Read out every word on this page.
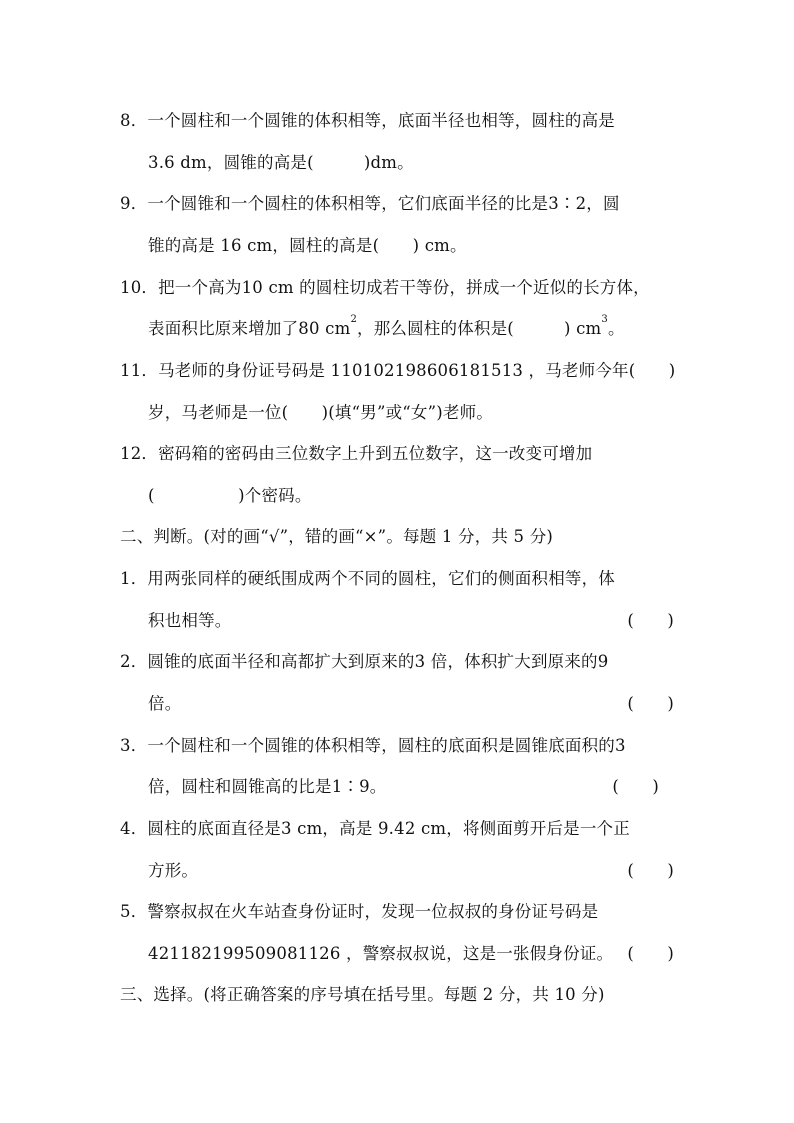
8．一个圆柱和一个圆锥的体积相等，底面半径也相等，圆柱的高是
3.6 dm，圆锥的高是(　　　)dm。
9．一个圆锥和一个圆柱的体积相等，它们底面半径的比是3∶2，圆
锥的高是 16 cm，圆柱的高是(　　) cm。
10．把一个高为10 cm 的圆柱切成若干等份，拼成一个近似的长方体，
表面积比原来增加了80 $cm^2$，那么圆柱的体积是(　　　) $cm^3$。
11．马老师的身份证号码是 110102198606181513 ，马老师今年(　　)
岁，马老师是一位(　　)(填“男”或“女”)老师。
12．密码箱的密码由三位数字上升到五位数字，这一改变可增加
(　　　　　)个密码。
二、判断。(对的画“√”，错的画“×”。每题 1 分，共 5 分)
1．用两张同样的硬纸围成两个不同的圆柱，它们的侧面积相等，体
积也相等。	(　　)
2．圆锥的底面半径和高都扩大到原来的3 倍，体积扩大到原来的9
倍。	(　　)
3．一个圆柱和一个圆锥的体积相等，圆柱的底面积是圆锥底面积的3
倍，圆柱和圆锥高的比是1∶9。	(　　)
4．圆柱的底面直径是3 cm，高是 9.42 cm，将侧面剪开后是一个正
方形。	(　　)
5．警察叔叔在火车站查身份证时，发现一位叔叔的身份证号码是
421182199509081126 ，警察叔叔说，这是一张假身份证。 (　　)
三、选择。(将正确答案的序号填在括号里。每题 2 分，共 10 分)
